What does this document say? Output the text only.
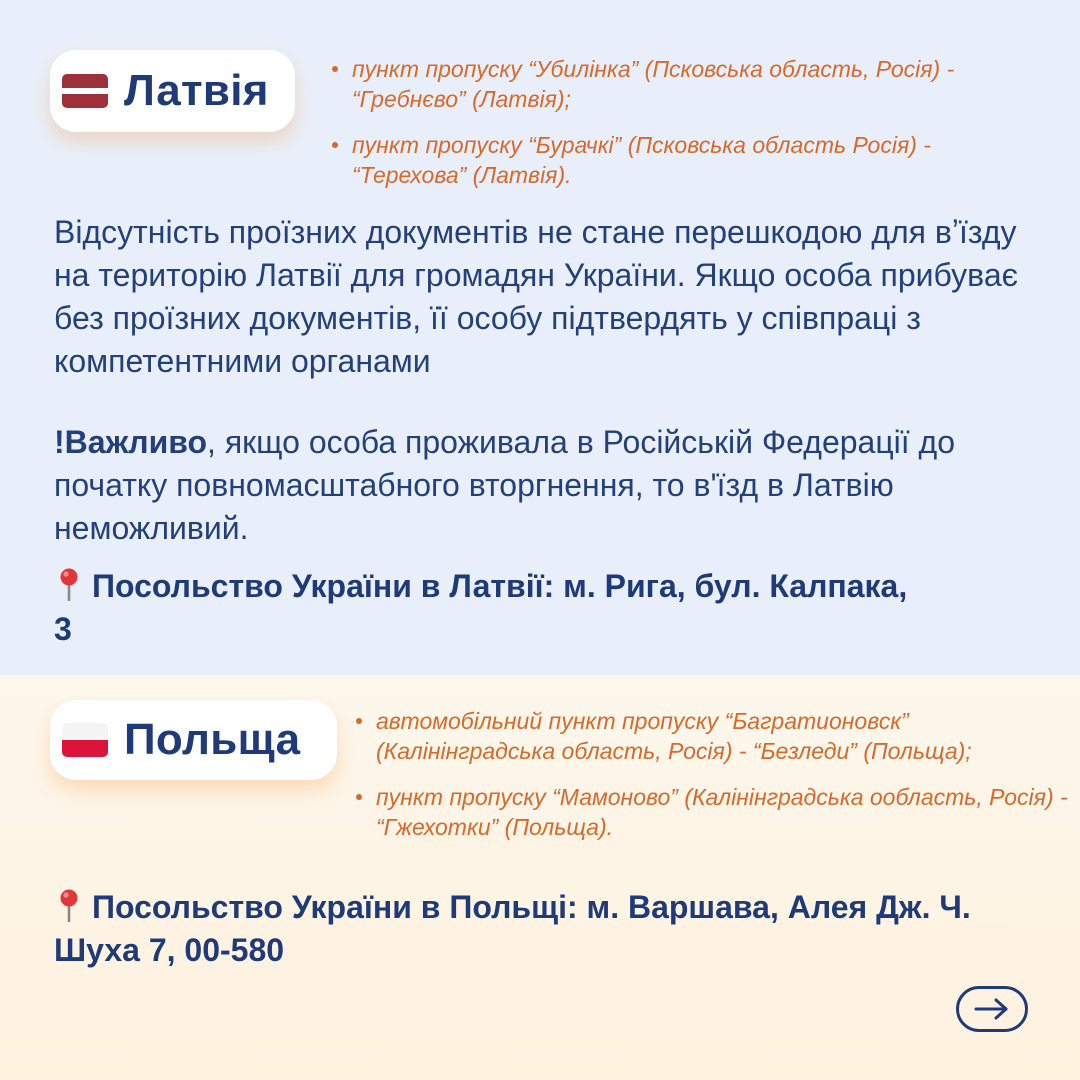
Латвія	пункт пропуску “Убилінка” (Псковська область, Росія) - “Гребнєво” (Латвія);
пункт пропуску “Бурачкі” (Псковська область Росія) - “Терехова” (Латвія).

Відсутність проїзних документів не стане перешкодою для вʼїзду на територію Латвії для громадян України. Якщо особа прибуває без проїзних документів, її особу підтвердять у співпраці з компетентними органами

!Важливо, якщо особа проживала в Російській Федерації до початку повномасштабного вторгнення, то вʹїзд в Латвію неможливий.

Посольство України в Латвії: м. Рига, бул. Калпака, 3

Польща	автомобільний пункт пропуску “Багратионовск” (Калінінградська область, Росія) - “Безледи” (Польща);
пункт пропуску “Мамоново” (Калінінградська оoбласть, Росія) - “Гжехотки” (Польща).

Посольство України в Польщі: м. Варшава, Алея Дж. Ч. Шуха 7, 00-580
